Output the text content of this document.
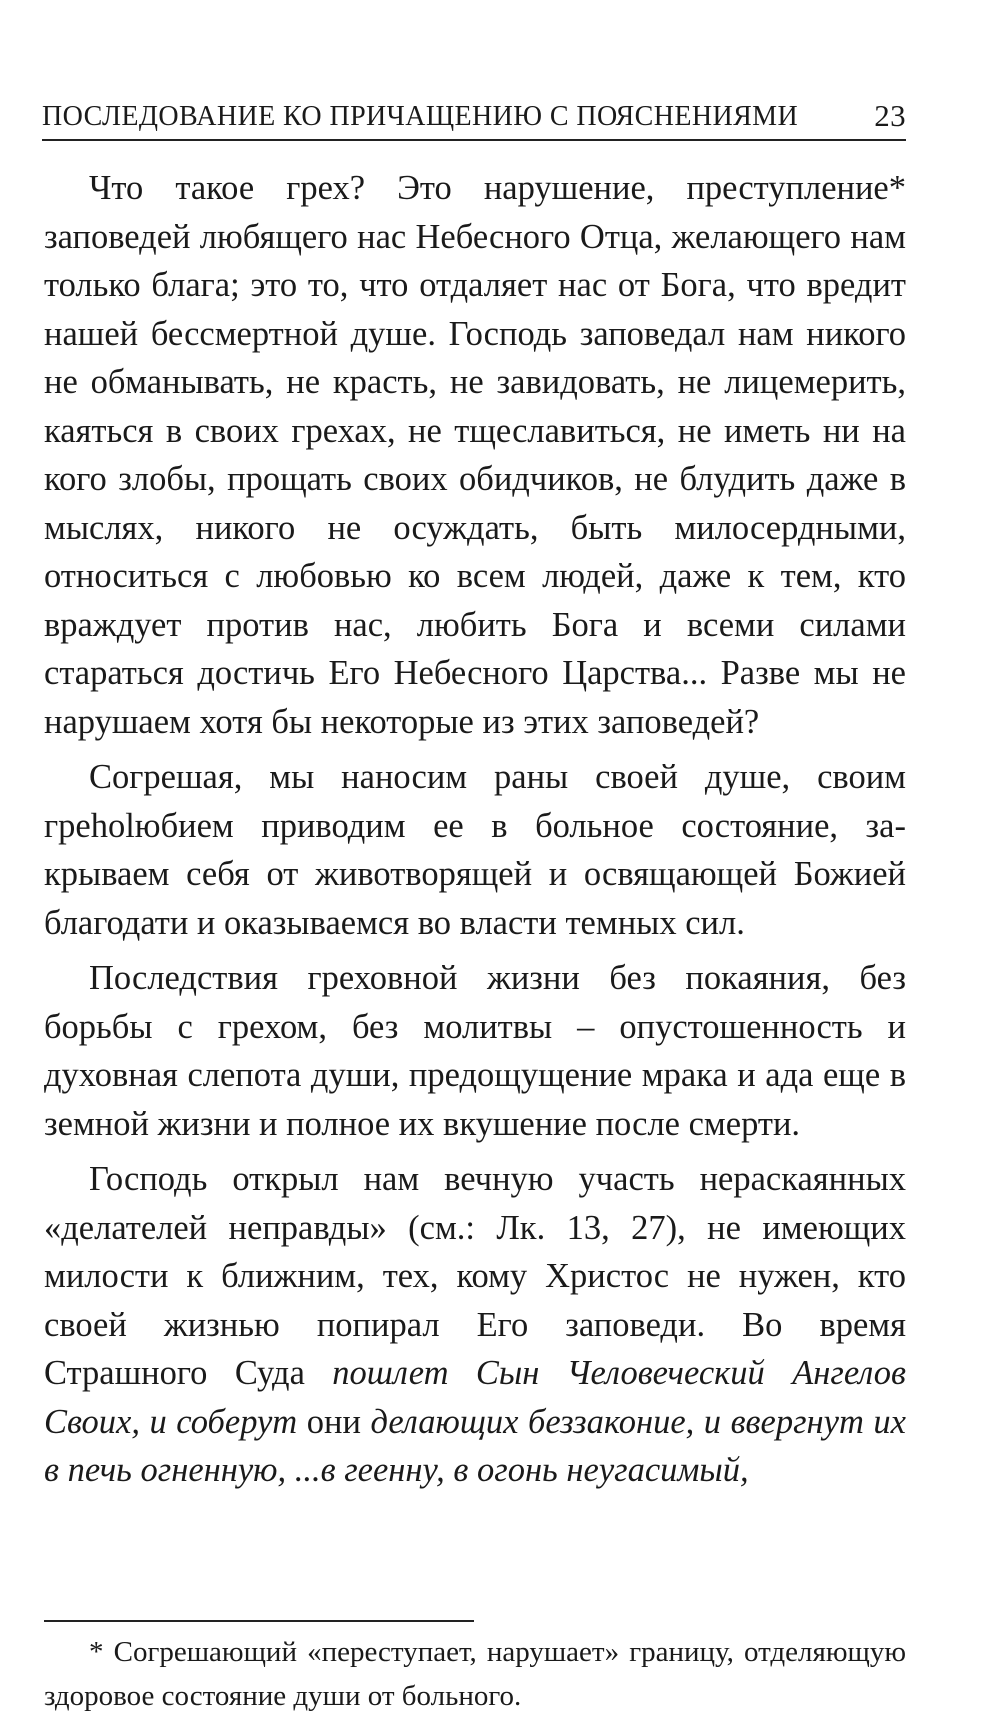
ПОСЛЕДОВАНИЕ КО ПРИЧАЩЕНИЮ С ПОЯСНЕНИЯМИ 23

Что такое грех? Это нарушение, преступление* заповедей любящего нас Небесного Отца, желающего нам только блага; это то, что отдаляет нас от Бога, что вредит нашей бессмертной душе. Господь заповедал нам никого не обманывать, не красть, не завидовать, не лицемерить, каяться в своих грехах, не тщеславиться, не иметь ни на кого злобы, прощать своих обидчиков, не блудить даже в мыслях, никого не осуждать, быть милосердными, относиться с любовью ко всем людей, даже к тем, кто враждует против нас, любить Бога и всеми силами стараться достичь Его Небесного Царства... Разве мы не нарушаем хотя бы некоторые из этих заповедей?

Согрешая, мы наносим раны своей душе, своим греholюбием приводим ее в больное состояние, закрываем себя от животворящей и освящающей Божией благодати и оказываемся во власти темных сил.

Последствия греховной жизни без покаяния, без борьбы с грехом, без молитвы – опустошенность и духовная слепота души, предощущение мрака и ада еще в земной жизни и полное их вкушение после смерти.

Господь открыл нам вечную участь нераскаянных «делателей неправды» (см.: Лк. 13, 27), не имеющих милости к ближним, тех, кому Христос не нужен, кто своей жизнью попирал Его заповеди. Во время Страшного Суда пошлет Сын Человеческий Ангелов Своих, и соберут они делающих беззаконие, и ввергнут их в печь огненную, ...в геенну, в огонь неугасимый,

* Согрешающий «переступает, нарушает» границу, отделяющую здоровое состояние души от больного.
